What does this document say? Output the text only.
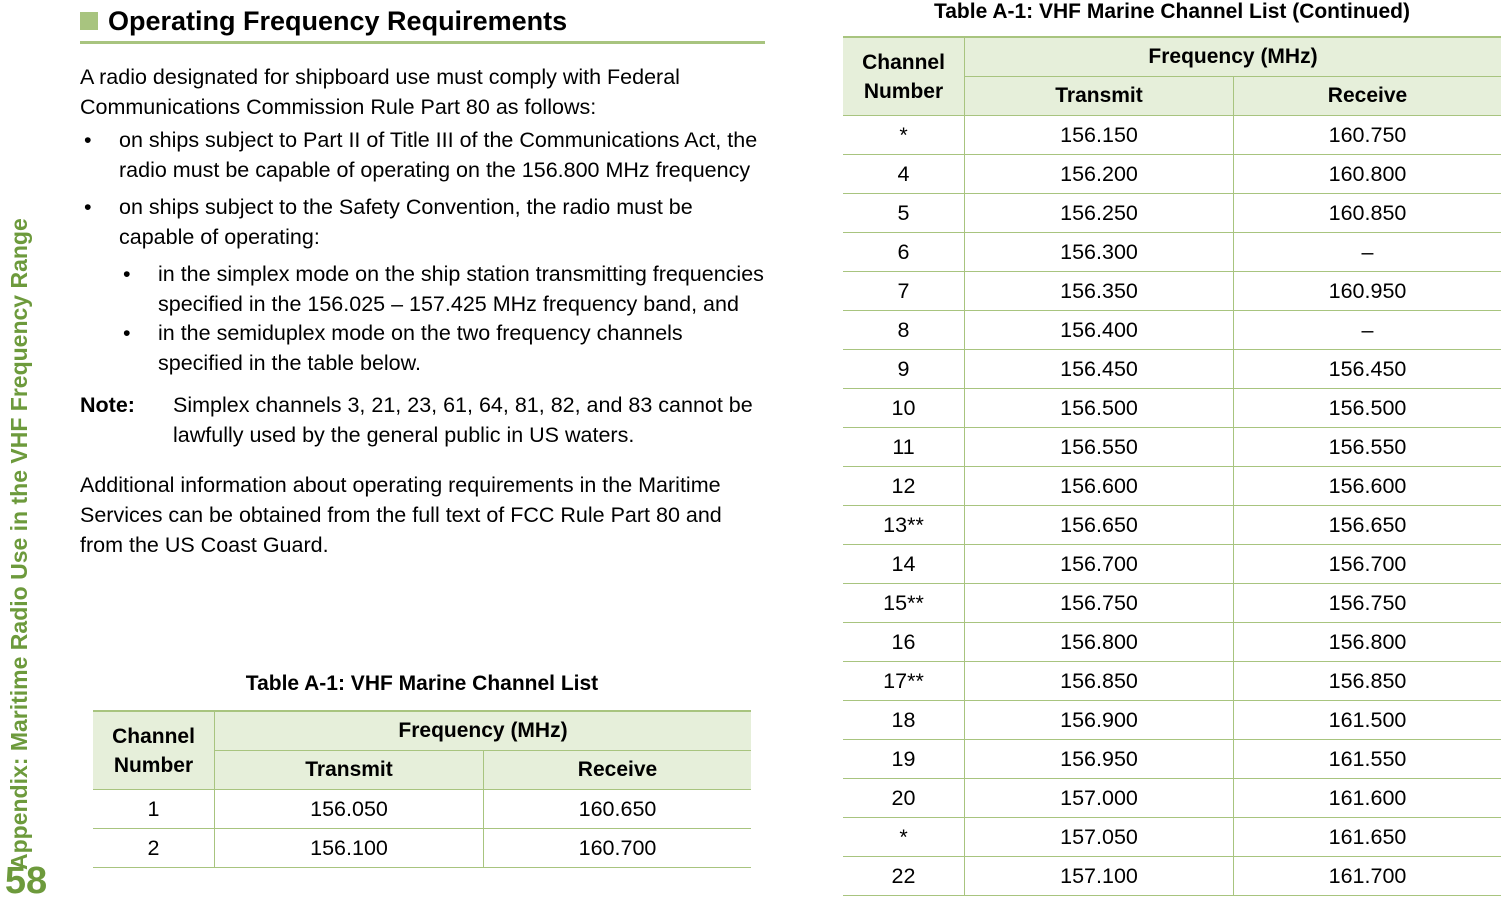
Appendix: Maritime Radio Use in the VHF Frequency Range
58
Operating Frequency Requirements

A radio designated for shipboard use must comply with Federal Communications Commission Rule Part 80 as follows:

• on ships subject to Part II of Title III of the Communications Act, the radio must be capable of operating on the 156.800 MHz frequency
• on ships subject to the Safety Convention, the radio must be capable of operating:
• in the simplex mode on the ship station transmitting frequencies specified in the 156.025 – 157.425 MHz frequency band, and
• in the semiduplex mode on the two frequency channels specified in the table below.
Note:	Simplex channels 3, 21, 23, 61, 64, 81, 82, and 83 cannot be lawfully used by the general public in US waters.

Additional information about operating requirements in the Maritime Services can be obtained from the full text of FCC Rule Part 80 and from the US Coast Guard.

Table A-1: VHF Marine Channel List
Channel Number	Frequency (MHz)	
	Transmit	Receive
1	156.050	160.650
2	156.100	160.700
Table A-1: VHF Marine Channel List (Continued)
Channel Number	Frequency (MHz)	
	Transmit	Receive
*	156.150	160.750
4	156.200	160.800
5	156.250	160.850
6	156.300	–
7	156.350	160.950
8	156.400	–
9	156.450	156.450
10	156.500	156.500
11	156.550	156.550
12	156.600	156.600
13**	156.650	156.650
14	156.700	156.700
15**	156.750	156.750
16	156.800	156.800
17**	156.850	156.850
18	156.900	161.500
19	156.950	161.550
20	157.000	161.600
*	157.050	161.650
22	157.100	161.700
